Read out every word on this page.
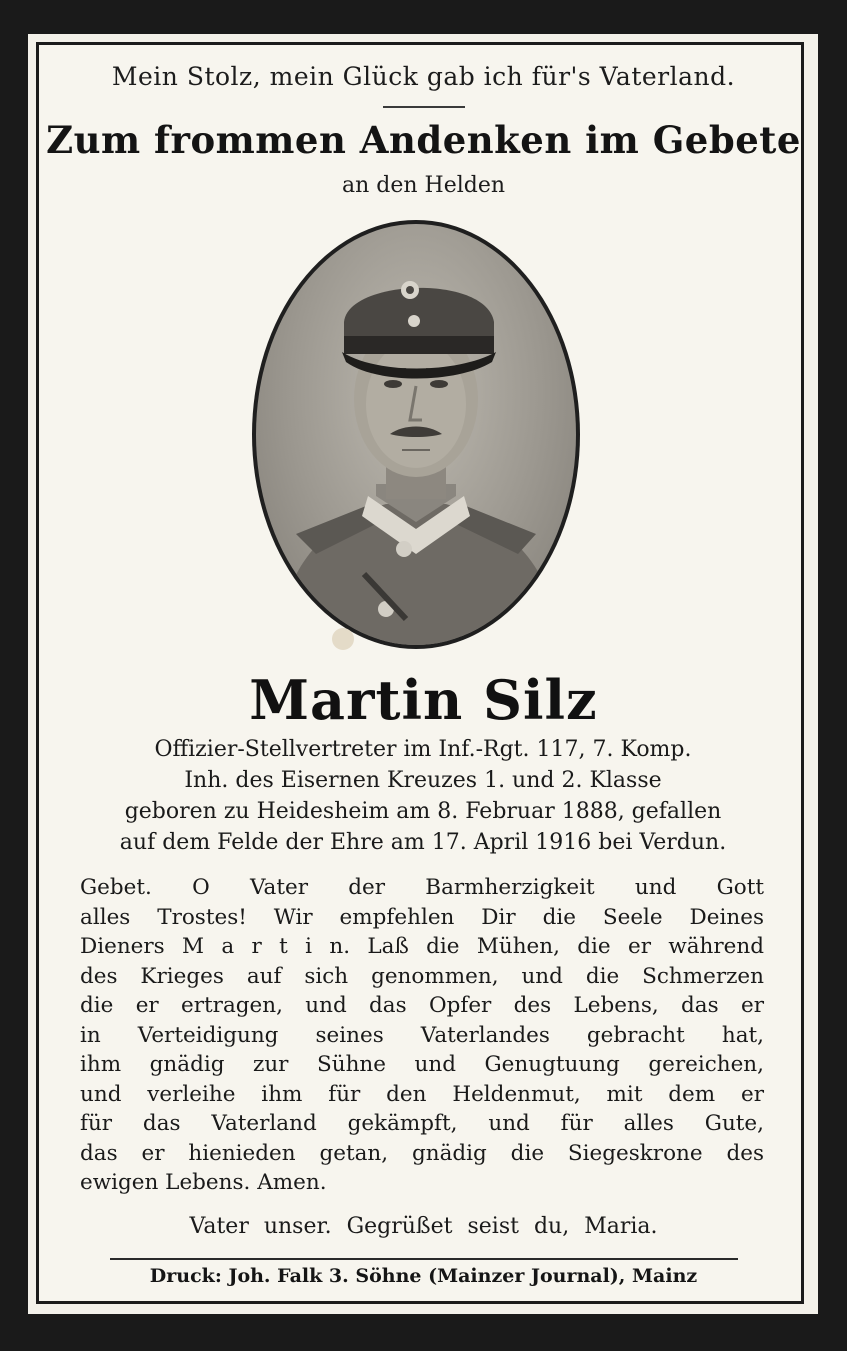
Mein Stolz, mein Glück gab ich für's Vaterland.
Zum frommen Andenken im Gebete
an den Helden
Martin Silz
Offizier-Stellvertreter im Inf.-Rgt. 117, 7. Komp.
Inh. des Eisernen Kreuzes 1. und 2. Klasse
geboren zu Heidesheim am 8. Februar 1888, gefallen
auf dem Felde der Ehre am 17. April 1916 bei Verdun.
Gebet. O Vater der Barmherzigkeit und Gott
alles Trostes! Wir empfehlen Dir die Seele Deines
Dieners M a r t i n. Laß die Mühen, die er während
des Krieges auf sich genommen, und die Schmerzen
die er ertragen, und das Opfer des Lebens, das er
in Verteidigung seines Vaterlandes gebracht hat,
ihm gnädig zur Sühne und Genugtuung gereichen,
und verleihe ihm für den Heldenmut, mit dem er
für das Vaterland gekämpft, und für alles Gute,
das er hienieden getan, gnädig die Siegeskrone des
ewigen Lebens. Amen.
Vater unser. Gegrüßet seist du, Maria.
Druck: Joh. Falk 3. Söhne (Mainzer Journal), Mainz
